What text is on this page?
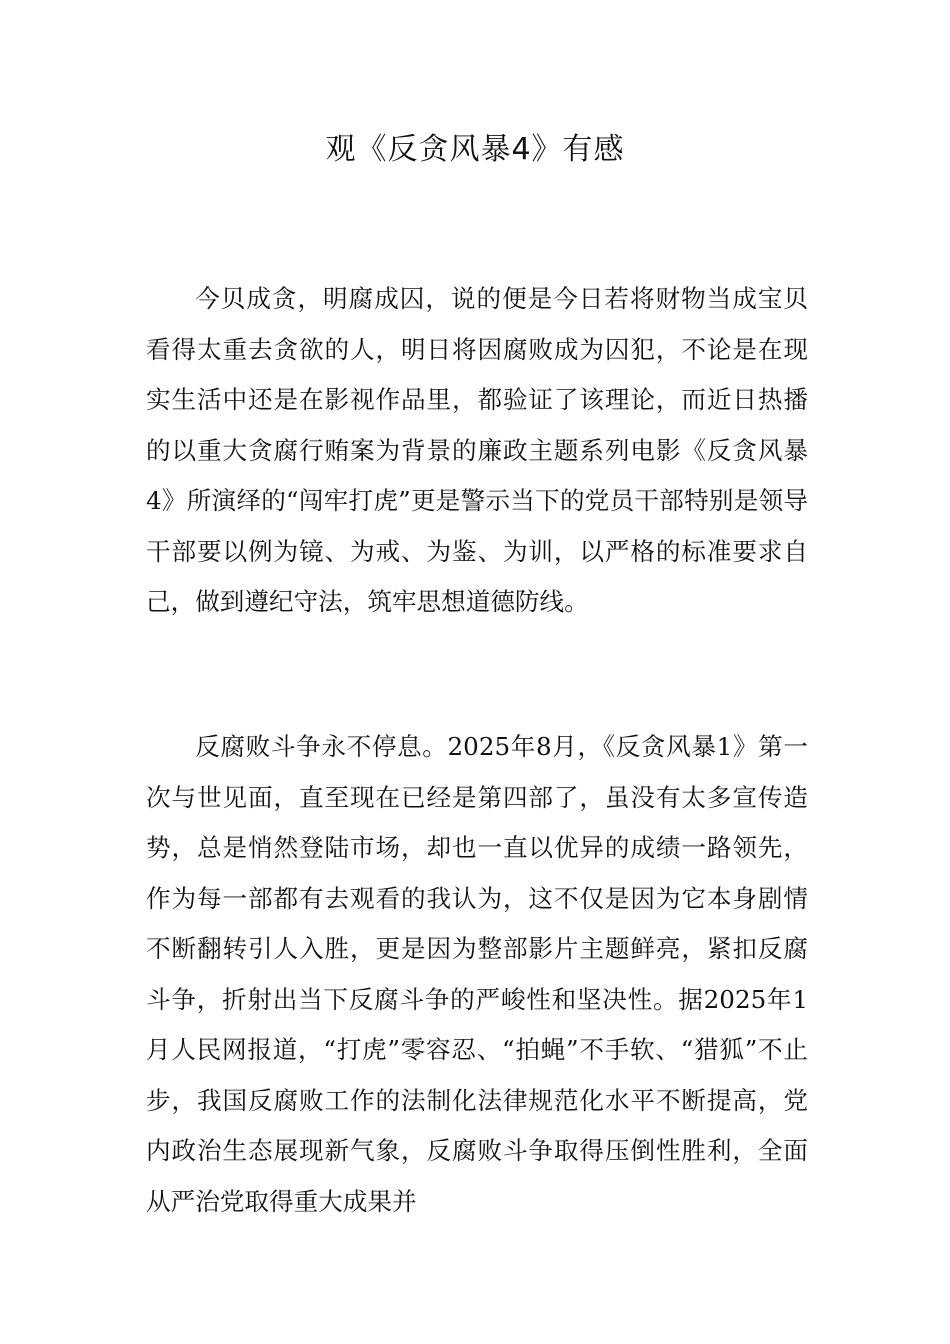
观《反贪风暴4》有感

今贝成贪，明腐成囚，说的便是今日若将财物当成宝贝看得太重去贪欲的人，明日将因腐败成为囚犯，不论是在现实生活中还是在影视作品里，都验证了该理论，而近日热播的以重大贪腐行贿案为背景的廉政主题系列电影《反贪风暴4》所演绎的“闯牢打虎”更是警示当下的党员干部特别是领导干部要以例为镜、为戒、为鉴、为训，以严格的标准要求自己，做到遵纪守法，筑牢思想道德防线。

反腐败斗争永不停息。2025年8月，《反贪风暴1》第一次与世见面，直至现在已经是第四部了，虽没有太多宣传造势，总是悄然登陆市场，却也一直以优异的成绩一路领先，作为每一部都有去观看的我认为，这不仅是因为它本身剧情不断翻转引人入胜，更是因为整部影片主题鲜亮，紧扣反腐斗争，折射出当下反腐斗争的严峻性和坚决性。据2025年1月人民网报道，“打虎”零容忍、“拍蝇”不手软、“猎狐”不止步，我国反腐败工作的法制化法律规范化水平不断提高，党内政治生态展现新气象，反腐败斗争取得压倒性胜利，全面从严治党取得重大成果并
